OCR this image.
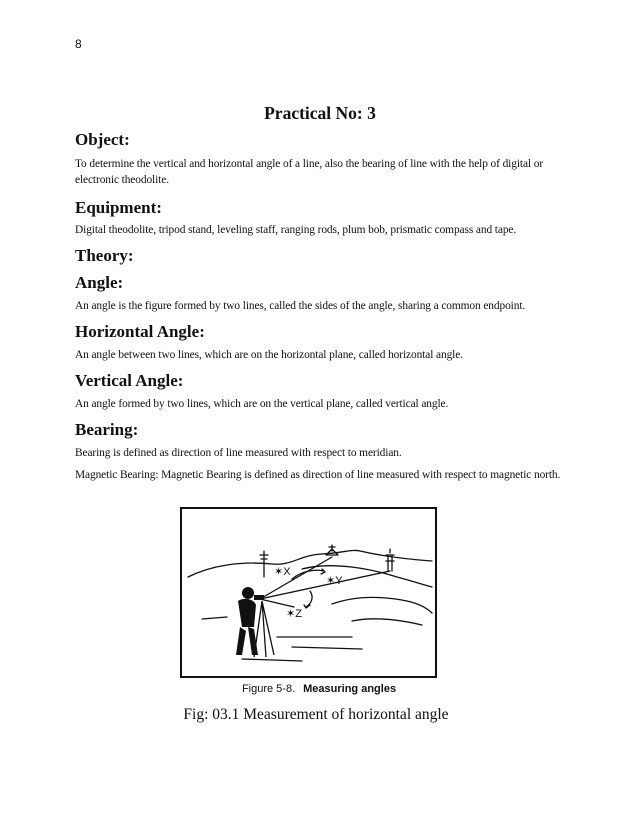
8
Practical No: 3
Object:

To determine the vertical and horizontal angle of a line, also the bearing of line with the help of digital or electronic theodolite.

Equipment:

Digital theodolite, tripod stand, leveling staff, ranging rods, plum bob, prismatic compass and tape.

Theory:
Angle:

An angle is the figure formed by two lines, called the sides of the angle, sharing a common endpoint.

Horizontal Angle:

An angle between two lines, which are on the horizontal plane, called horizontal angle.

Vertical Angle:

An angle formed by two lines, which are on the vertical plane, called vertical angle.

Bearing:

Bearing is defined as direction of line measured with respect to meridian.

Magnetic Bearing: Magnetic Bearing is defined as direction of line measured with respect to magnetic north.

✶X
✶Y
✶Z
Figure 5-8. Measuring angles
Fig: 03.1 Measurement of horizontal angle
